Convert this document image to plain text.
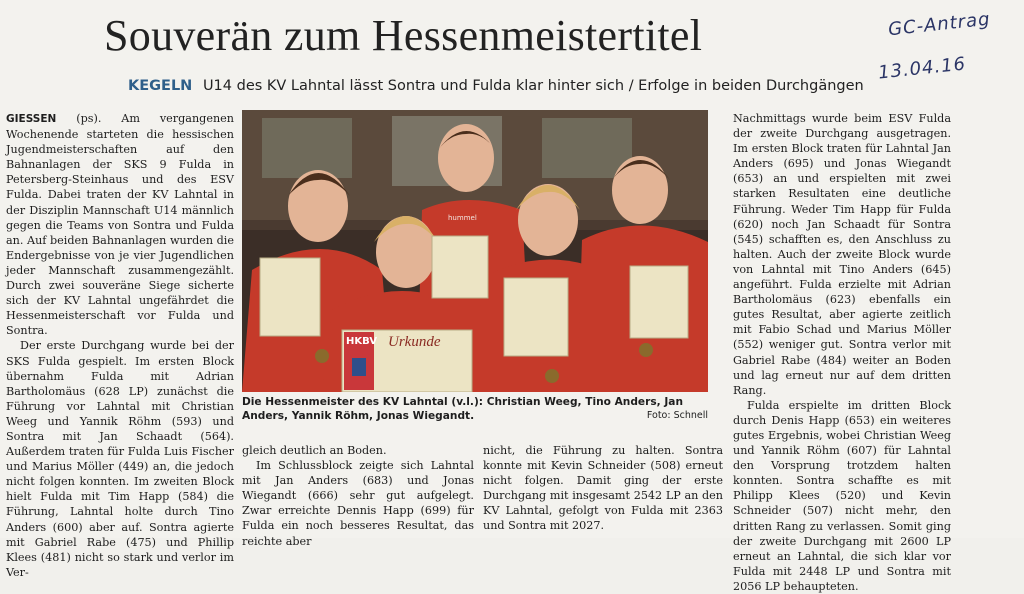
Souverän zum Hessenmeistertitel	GC-Antrag
13.04.16
KEGELN U14 des KV Lahntal lässt Sontra und Fulda klar hinter sich / Erfolge in beiden Durchgängen

GIESSEN (ps). Am vergangenen Wochenende starteten die hessischen Jugendmeisterschaften auf den Bahnanlagen der SKS 9 Fulda in Petersberg-Steinhaus und des ESV Fulda. Dabei traten der KV Lahntal in der Disziplin Mannschaft U14 männlich gegen die Teams von Sontra und Fulda an. Auf beiden Bahnanlagen wurden die Endergebnisse von je vier Jugendlichen jeder Mannschaft zusammengezählt. Durch zwei souveräne Siege sicherte sich der KV Lahntal ungefährdet die Hessenmeisterschaft vor Fulda und Sontra.

Der erste Durchgang wurde bei der SKS Fulda gespielt. Im ersten Block übernahm Fulda mit Adrian Bartholomäus (628 LP) zunächst die Führung vor Lahntal mit Christian Weeg und Yannik Röhm (593) und Sontra mit Jan Schaadt (564). Außerdem traten für Fulda Luis Fischer und Marius Möller (449) an, die jedoch nicht folgen konnten. Im zweiten Block hielt Fulda mit Tim Happ (584) die Führung, Lahntal holte durch Tino Anders (600) aber auf. Sontra agierte mit Gabriel Rabe (475) und Phillip Klees (481) nicht so stark und verlor im Ver-

HKBV Urkunde
hummel
Die Hessenmeister des KV Lahntal (v.l.): Christian Weeg, Tino Anders, Jan Anders, Yannik Röhm, Jonas Wiegandt.	Foto: Schnell

gleich deutlich an Boden.

Im Schlussblock zeigte sich Lahntal mit Jan Anders (683) und Jonas Wiegandt (666) sehr gut aufgelegt. Zwar erreichte Dennis Happ (699) für Fulda ein noch besseres Resultat, das reichte aber

nicht, die Führung zu halten. Sontra konnte mit Kevin Schneider (508) erneut nicht folgen. Damit ging der erste Durchgang mit insgesamt 2542 LP an den KV Lahntal, gefolgt von Fulda mit 2363 und Sontra mit 2027.

Nachmittags wurde beim ESV Fulda der zweite Durchgang ausgetragen. Im ersten Block traten für Lahntal Jan Anders (695) und Jonas Wiegandt (653) an und erspielten mit zwei starken Resultaten eine deutliche Führung. Weder Tim Happ für Fulda (620) noch Jan Schaadt für Sontra (545) schafften es, den Anschluss zu halten. Auch der zweite Block wurde von Lahntal mit Tino Anders (645) angeführt. Fulda erzielte mit Adrian Bartholomäus (623) ebenfalls ein gutes Resultat, aber agierte zeitlich mit Fabio Schad und Marius Möller (552) weniger gut. Sontra verlor mit Gabriel Rabe (484) weiter an Boden und lag erneut nur auf dem dritten Rang.

Fulda erspielte im dritten Block durch Denis Happ (653) ein weiteres gutes Ergebnis, wobei Christian Weeg und Yannik Röhm (607) für Lahntal den Vorsprung trotzdem halten konnten. Sontra schaffte es mit Philipp Klees (520) und Kevin Schneider (507) nicht mehr, den dritten Rang zu verlassen. Somit ging der zweite Durchgang mit 2600 LP erneut an Lahntal, die sich klar vor Fulda mit 2448 LP und Sontra mit 2056 LP behaupteten.
